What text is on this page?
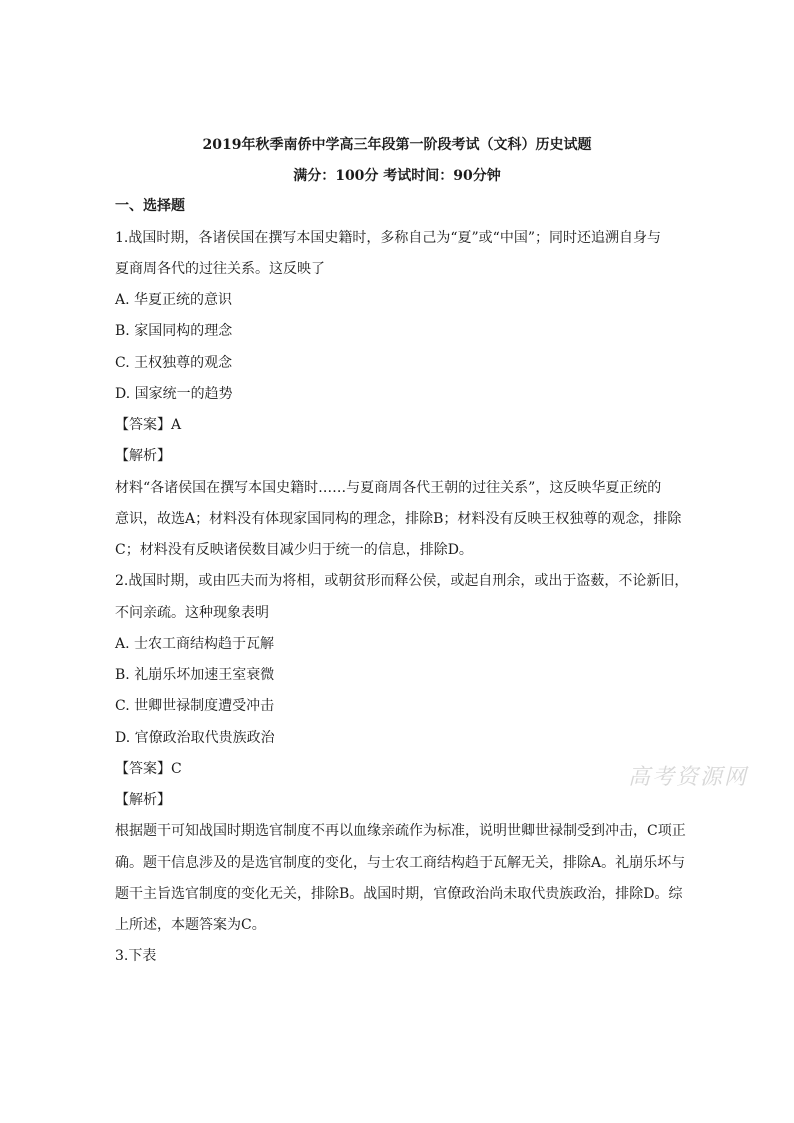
2019年秋季南侨中学高三年段第一阶段考试（文科）历史试题
满分：100分 考试时间：90分钟
一、选择题
1.战国时期，各诸侯国在撰写本国史籍时，多称自己为“夏”或“中国”；同时还追溯自身与
夏商周各代的过往关系。这反映了
A. 华夏正统的意识
B. 家国同构的理念
C. 王权独尊的观念
D. 国家统一的趋势
【答案】A
【解析】
材料“各诸侯国在撰写本国史籍时……与夏商周各代王朝的过往关系”，这反映华夏正统的
意识，故选A；材料没有体现家国同构的理念，排除B；材料没有反映王权独尊的观念，排除
C；材料没有反映诸侯数目减少归于统一的信息，排除D。
2.战国时期，或由匹夫而为将相，或朝贫形而释公侯，或起自刑余，或出于盗薮，不论新旧，
不问亲疏。这种现象表明
A. 士农工商结构趋于瓦解
B. 礼崩乐坏加速王室衰微
C. 世卿世禄制度遭受冲击
D. 官僚政治取代贵族政治
【答案】C
【解析】
根据题干可知战国时期选官制度不再以血缘亲疏作为标准，说明世卿世禄制受到冲击，C项正
确。题干信息涉及的是选官制度的变化，与士农工商结构趋于瓦解无关，排除A。礼崩乐坏与
题干主旨选官制度的变化无关，排除B。战国时期，官僚政治尚未取代贵族政治，排除D。综
上所述，本题答案为C。
3.下表
高考资源网
